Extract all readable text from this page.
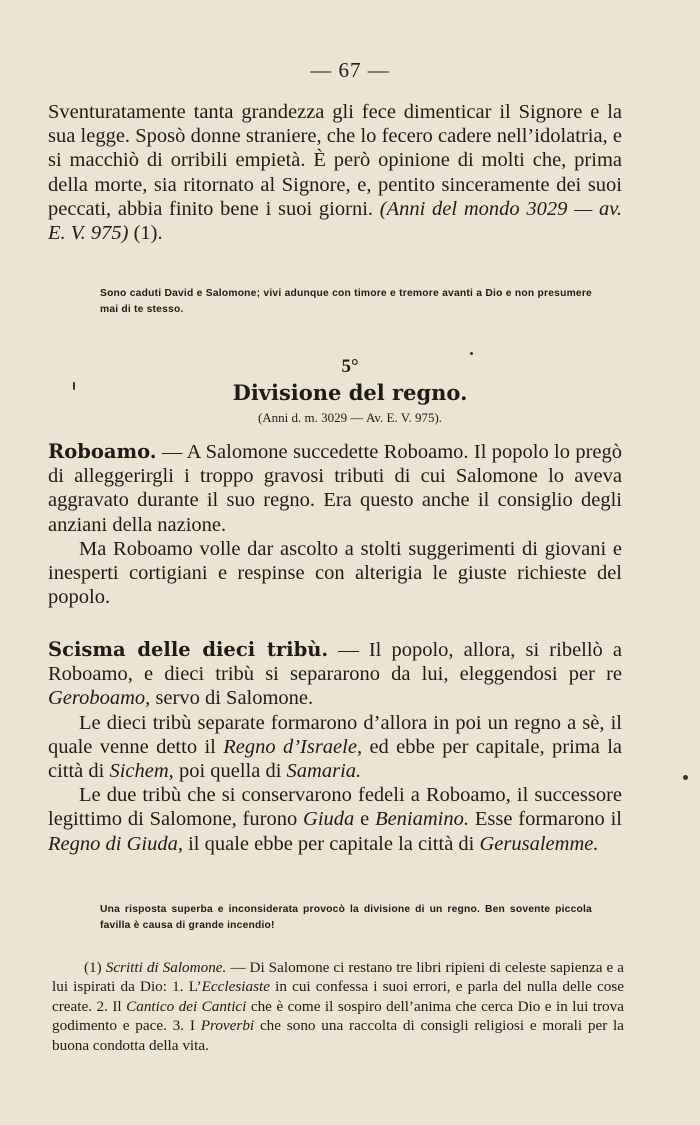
— 67 —

Sventuratamente tanta grandezza gli fece dimenticar il Signore e la sua legge. Sposò donne straniere, che lo fecero cadere nell’idolatria, e si macchiò di orribili empietà. È però opinione di molti che, prima della morte, sia ritornato al Signore, e, pentito sinceramente dei suoi peccati, abbia finito bene i suoi giorni. (Anni del mondo 3029 — av. E. V. 975) (1).

Sono caduti David e Salomone; vivi adunque con timore e tremore avanti a Dio e non presumere mai di te stesso.
5°
Divisione del regno.
(Anni d. m. 3029 — Av. E. V. 975).

Roboamo. — A Salomone succedette Roboamo. Il popolo lo pregò di alleggerirgli i troppo gravosi tributi di cui Salomone lo aveva aggravato durante il suo regno. Era questo anche il consiglio degli anziani della nazione.

Ma Roboamo volle dar ascolto a stolti suggerimenti di giovani e inesperti cortigiani e respinse con alterigia le giuste richieste del popolo.

Scisma delle dieci tribù. — Il popolo, allora, si ribellò a Roboamo, e dieci tribù si separarono da lui, eleggendosi per re Geroboamo, servo di Salomone.

Le dieci tribù separate formarono d’allora in poi un regno a sè, il quale venne detto il Regno d’Israele, ed ebbe per capitale, prima la città di Sichem, poi quella di Samaria.

Le due tribù che si conservarono fedeli a Roboamo, il successore legittimo di Salomone, furono Giuda e Beniamino. Esse formarono il Regno di Giuda, il quale ebbe per capitale la città di Gerusalemme.

Una risposta superba e inconsiderata provocò la divisione di un regno. Ben sovente piccola favilla è causa di grande incendio!

(1) Scritti di Salomone. — Di Salomone ci restano tre libri ripieni di celeste sapienza e a lui ispirati da Dio: 1. L’Ecclesiaste in cui confessa i suoi errori, e parla del nulla delle cose create. 2. Il Cantico dei Cantici che è come il sospiro dell’anima che cerca Dio e in lui trova godimento e pace. 3. I Proverbi che sono una raccolta di consigli religiosi e morali per la buona condotta della vita.
